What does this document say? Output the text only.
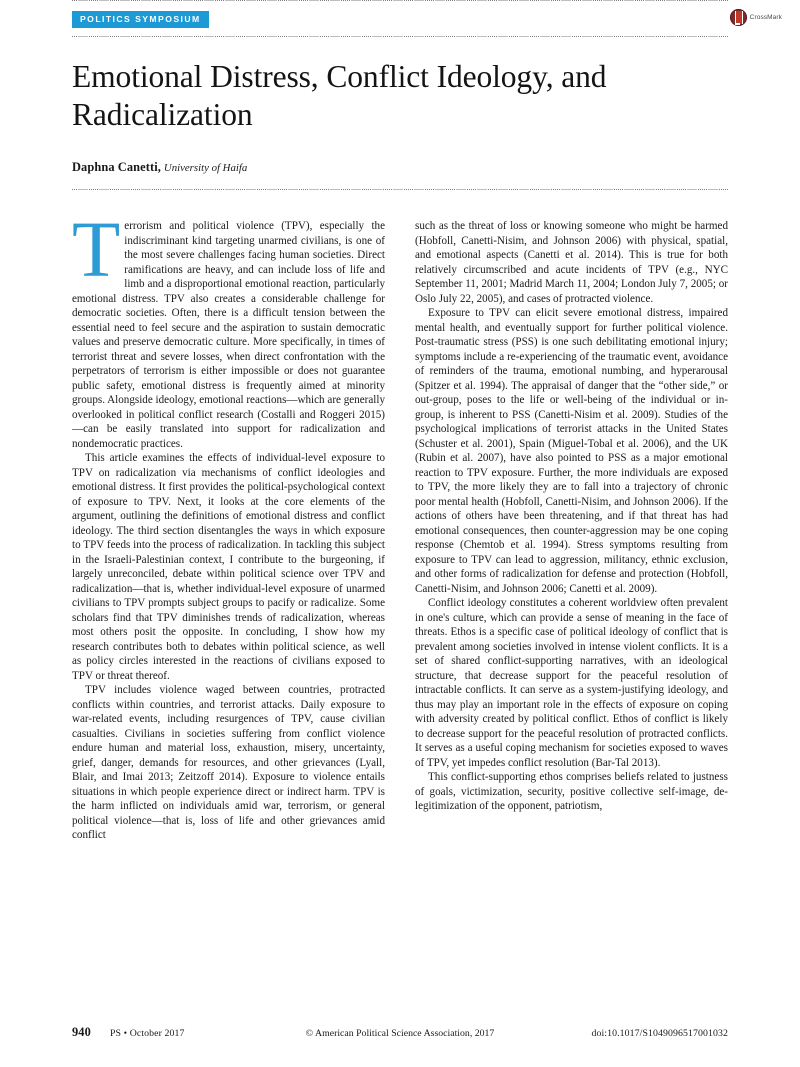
CrossMark
POLITICS SYMPOSIUM
Emotional Distress, Conflict Ideology, and Radicalization
Daphna Canetti, University of Haifa

Terrorism and political violence (TPV), especially the indiscriminant kind targeting unarmed civilians, is one of the most severe challenges facing human societies. Direct ramifications are heavy, and can include loss of life and limb and a disproportional emotional reaction, particularly emotional distress. TPV also creates a considerable challenge for democratic societies. Often, there is a difficult tension between the essential need to feel secure and the aspiration to sustain democratic values and preserve democratic culture. More specifically, in times of terrorist threat and severe losses, when direct confrontation with the perpetrators of terrorism is either impossible or does not guarantee public safety, emotional distress is frequently aimed at minority groups. Alongside ideology, emotional reactions—which are generally overlooked in political conflict research (Costalli and Roggeri 2015)—can be easily translated into support for radicalization and nondemocratic practices.

This article examines the effects of individual-level exposure to TPV on radicalization via mechanisms of conflict ideologies and emotional distress. It first provides the political-psychological context of exposure to TPV. Next, it looks at the core elements of the argument, outlining the definitions of emotional distress and conflict ideology. The third section disentangles the ways in which exposure to TPV feeds into the process of radicalization. In tackling this subject in the Israeli-Palestinian context, I contribute to the burgeoning, if largely unreconciled, debate within political science over TPV and radicalization—that is, whether individual-level exposure of unarmed civilians to TPV prompts subject groups to pacify or radicalize. Some scholars find that TPV diminishes trends of radicalization, whereas most others posit the opposite. In concluding, I show how my research contributes both to debates within political science, as well as policy circles interested in the reactions of civilians exposed to TPV or threat thereof.

TPV includes violence waged between countries, protracted conflicts within countries, and terrorist attacks. Daily exposure to war-related events, including resurgences of TPV, cause civilian casualties. Civilians in societies suffering from conflict violence endure human and material loss, exhaustion, misery, uncertainty, grief, danger, demands for resources, and other grievances (Lyall, Blair, and Imai 2013; Zeitzoff 2014). Exposure to violence entails situations in which people experience direct or indirect harm. TPV is the harm inflicted on individuals amid war, terrorism, or general political violence—that is, loss of life and other grievances amid conflict

such as the threat of loss or knowing someone who might be harmed (Hobfoll, Canetti-Nisim, and Johnson 2006) with physical, spatial, and emotional aspects (Canetti et al. 2014). This is true for both relatively circumscribed and acute incidents of TPV (e.g., NYC September 11, 2001; Madrid March 11, 2004; London July 7, 2005; or Oslo July 22, 2005), and cases of protracted violence.

Exposure to TPV can elicit severe emotional distress, impaired mental health, and eventually support for further political violence. Post-traumatic stress (PSS) is one such debilitating emotional injury; symptoms include a re-experiencing of the traumatic event, avoidance of reminders of the trauma, emotional numbing, and hyperarousal (Spitzer et al. 1994). The appraisal of danger that the “other side,” or out-group, poses to the life or well-being of the individual or in-group, is inherent to PSS (Canetti-Nisim et al. 2009). Studies of the psychological implications of terrorist attacks in the United States (Schuster et al. 2001), Spain (Miguel-Tobal et al. 2006), and the UK (Rubin et al. 2007), have also pointed to PSS as a major emotional reaction to TPV exposure. Further, the more individuals are exposed to TPV, the more likely they are to fall into a trajectory of chronic poor mental health (Hobfoll, Canetti-Nisim, and Johnson 2006). If the actions of others have been threatening, and if that threat has had emotional consequences, then counter-aggression may be one coping response (Chemtob et al. 1994). Stress symptoms resulting from exposure to TPV can lead to aggression, militancy, ethnic exclusion, and other forms of radicalization for defense and protection (Hobfoll, Canetti-Nisim, and Johnson 2006; Canetti et al. 2009).

Conflict ideology constitutes a coherent worldview often prevalent in one's culture, which can provide a sense of meaning in the face of threats. Ethos is a specific case of political ideology of conflict that is prevalent among societies involved in intense violent conflicts. It is a set of shared conflict-supporting narratives, with an ideological structure, that decrease support for the peaceful resolution of intractable conflicts. It can serve as a system-justifying ideology, and thus may play an important role in the effects of exposure on coping with adversity created by political conflict. Ethos of conflict is likely to decrease support for the peaceful resolution of protracted conflicts. It serves as a useful coping mechanism for societies exposed to waves of TPV, yet impedes conflict resolution (Bar-Tal 2013).

This conflict-supporting ethos comprises beliefs related to justness of goals, victimization, security, positive collective self-image, de-legitimization of the opponent, patriotism,

940	PS • October 2017	doi:10.1017/S1049096517001032
© American Political Science Association, 2017
